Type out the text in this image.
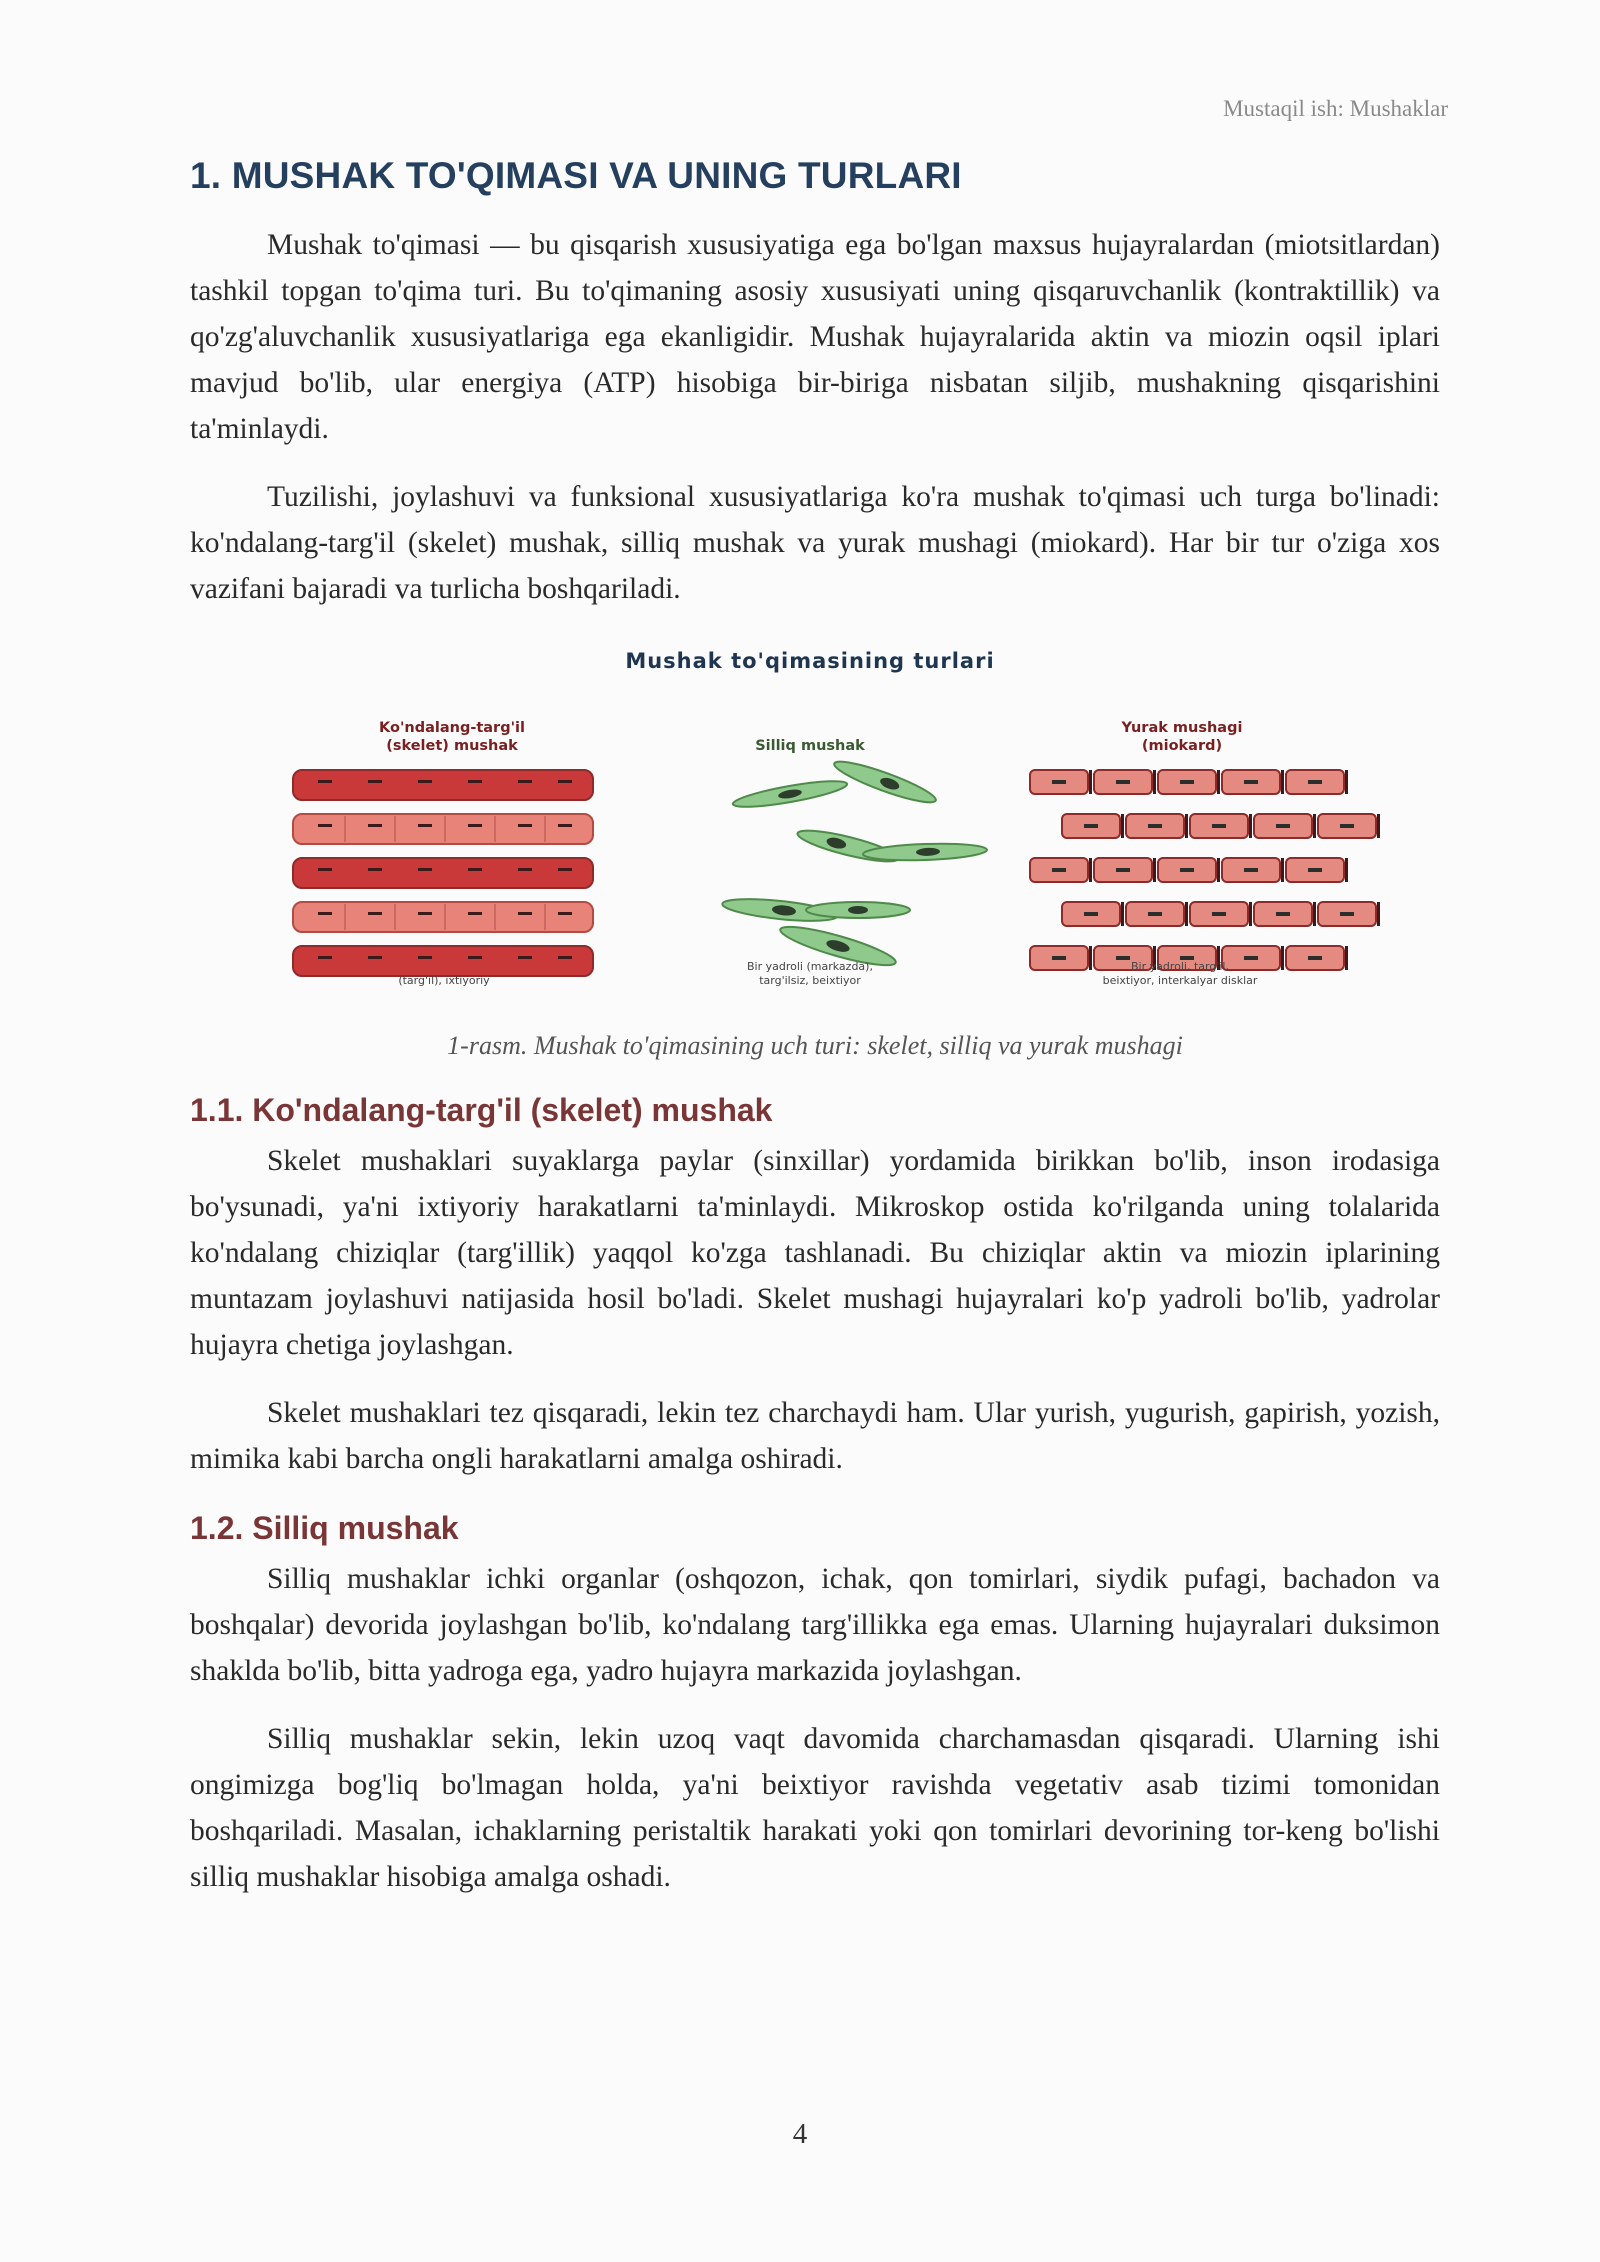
Mustaqil ish: Mushaklar
1. MUSHAK TO'QIMASI VA UNING TURLARI

Mushak to'qimasi — bu qisqarish xususiyatiga ega bo'lgan maxsus hujayralardan (miotsitlardan) tashkil topgan to'qima turi. Bu to'qimaning asosiy xususiyati uning qisqaruvchanlik (kontraktillik) va qo'zg'aluvchanlik xususiyatlariga ega ekanligidir. Mushak hujayralarida aktin va miozin oqsil iplari mavjud bo'lib, ular energiya (ATP) hisobiga bir-biriga nisbatan siljib, mushakning qisqarishini ta'minlaydi.

Tuzilishi, joylashuvi va funksional xususiyatlariga ko'ra mushak to'qimasi uch turga bo'linadi: ko'ndalang-targ'il (skelet) mushak, silliq mushak va yurak mushagi (miokard). Har bir tur o'ziga xos vazifani bajaradi va turlicha boshqariladi.

Mushak to'qimasining turlari
Ko'ndalang-targ'il
(skelet) mushak	Silliq mushak
Yurak mushagi
(miokard)
(targ'il), ixtiyoriy
Bir yadroli (markazda),
targ'ilsiz, beixtiyor
Bir yadroli, targ'il,
beixtiyor, interkalyar disklar
1-rasm. Mushak to'qimasining uch turi: skelet, silliq va yurak mushagi
1.1. Ko'ndalang-targ'il (skelet) mushak

Skelet mushaklari suyaklarga paylar (sinxillar) yordamida birikkan bo'lib, inson irodasiga bo'ysunadi, ya'ni ixtiyoriy harakatlarni ta'minlaydi. Mikroskop ostida ko'rilganda uning tolalarida ko'ndalang chiziqlar (targ'illik) yaqqol ko'zga tashlanadi. Bu chiziqlar aktin va miozin iplarining muntazam joylashuvi natijasida hosil bo'ladi. Skelet mushagi hujayralari ko'p yadroli bo'lib, yadrolar hujayra chetiga joylashgan.

Skelet mushaklari tez qisqaradi, lekin tez charchaydi ham. Ular yurish, yugurish, gapirish, yozish, mimika kabi barcha ongli harakatlarni amalga oshiradi.

1.2. Silliq mushak

Silliq mushaklar ichki organlar (oshqozon, ichak, qon tomirlari, siydik pufagi, bachadon va boshqalar) devorida joylashgan bo'lib, ko'ndalang targ'illikka ega emas. Ularning hujayralari duksimon shaklda bo'lib, bitta yadroga ega, yadro hujayra markazida joylashgan.

Silliq mushaklar sekin, lekin uzoq vaqt davomida charchamasdan qisqaradi. Ularning ishi ongimizga bog'liq bo'lmagan holda, ya'ni beixtiyor ravishda vegetativ asab tizimi tomonidan boshqariladi. Masalan, ichaklarning peristaltik harakati yoki qon tomirlari devorining tor-keng bo'lishi silliq mushaklar hisobiga amalga oshadi.

4
